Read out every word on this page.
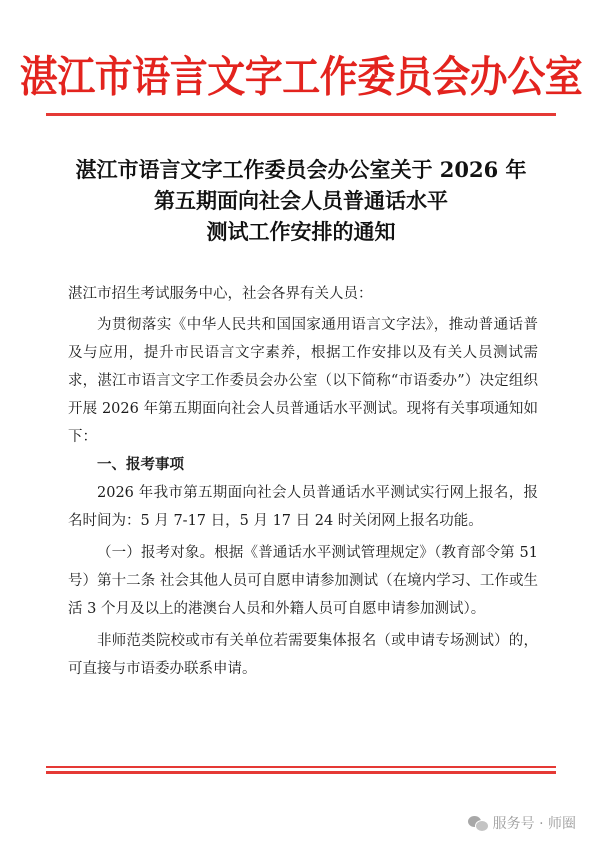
湛江市语言文字工作委员会办公室
湛江市语言文字工作委员会办公室关于 2026 年
第五期面向社会人员普通话水平
测试工作安排的通知

湛江市招生考试服务中心，社会各界有关人员：

为贯彻落实《中华人民共和国国家通用语言文字法》，推动普通话普及与应用，提升市民语言文字素养，根据工作安排以及有关人员测试需求，湛江市语言文字工作委员会办公室（以下简称“市语委办”）决定组织开展 2026 年第五期面向社会人员普通话水平测试。现将有关事项通知如下：

一、报考事项

2026 年我市第五期面向社会人员普通话水平测试实行网上报名，报名时间为：5 月 7-17 日，5 月 17 日 24 时关闭网上报名功能。

（一）报考对象。根据《普通话水平测试管理规定》（教育部令第 51 号）第十二条 社会其他人员可自愿申请参加测试（在境内学习、工作或生活 3 个月及以上的港澳台人员和外籍人员可自愿申请参加测试）。

非师范类院校或市有关单位若需要集体报名（或申请专场测试）的，可直接与市语委办联系申请。

服务号 · 师圈
